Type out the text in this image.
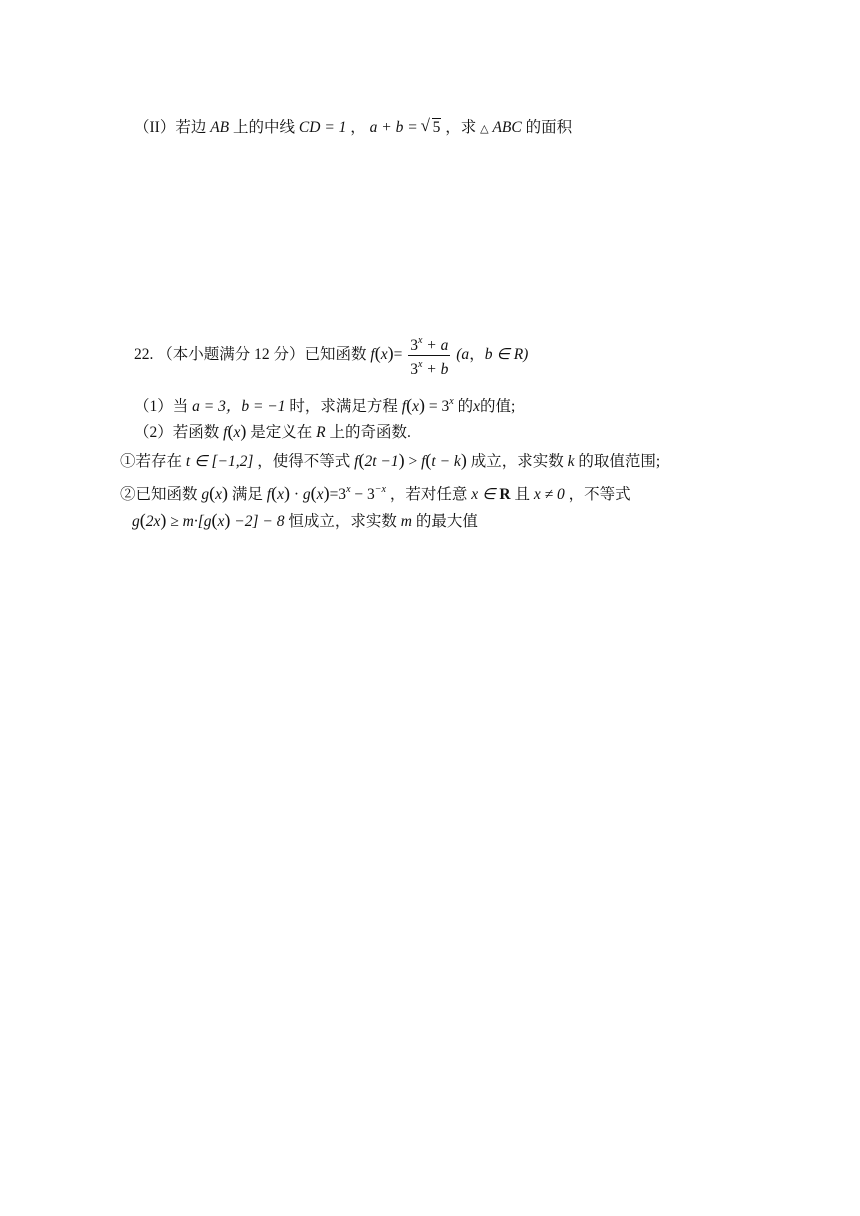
（II）若边 AB 上的中线 CD = 1 ， a + b = √ 5 ，求 △ ABC 的面积
22. （本小题满分 12 分）已知函数 $f(x)= \frac{3^x + a}{3^x + b} (a$，b ∈ R)
（1）当 a = 3，b = −1 时，求满足方程 $f(x) = 3^x$ 的x的值;
（2）若函数 f(x) 是定义在 R 上的奇函数.
①若存在 t ∈ [−1,2] ，使得不等式 f(2t −1) > f(t − k) 成立，求实数 k 的取值范围;
②已知函数 g(x) 满足 $f(x) \cdot g(x)=3^x - 3^{-x}$ ，若对任意 x ∈ R 且 x ≠ 0 ，不等式
g(2x) ≥ m·[g(x) −2] − 8 恒成立，求实数 m 的最大值
